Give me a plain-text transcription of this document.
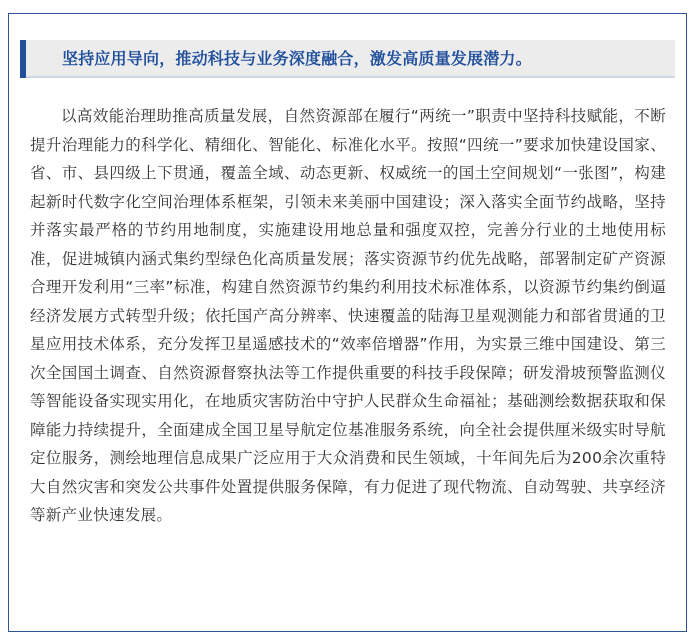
坚持应用导向，推动科技与业务深度融合，激发高质量发展潜力。

以高效能治理助推高质量发展，自然资源部在履行“两统一”职责中坚持科技赋能，不断提升治理能力的科学化、精细化、智能化、标准化水平。按照“四统一”要求加快建设国家、省、市、县四级上下贯通，覆盖全域、动态更新、权威统一的国土空间规划“一张图”，构建起新时代数字化空间治理体系框架，引领未来美丽中国建设；深入落实全面节约战略，坚持并落实最严格的节约用地制度，实施建设用地总量和强度双控，完善分行业的土地使用标准，促进城镇内涵式集约型绿色化高质量发展；落实资源节约优先战略，部署制定矿产资源合理开发利用“三率”标准，构建自然资源节约集约利用技术标准体系，以资源节约集约倒逼经济发展方式转型升级；依托国产高分辨率、快速覆盖的陆海卫星观测能力和部省贯通的卫星应用技术体系，充分发挥卫星遥感技术的“效率倍增器”作用，为实景三维中国建设、第三次全国国土调查、自然资源督察执法等工作提供重要的科技手段保障；研发滑坡预警监测仪等智能设备实现实用化，在地质灾害防治中守护人民群众生命福祉；基础测绘数据获取和保障能力持续提升，全面建成全国卫星导航定位基准服务系统，向全社会提供厘米级实时导航定位服务，测绘地理信息成果广泛应用于大众消费和民生领域，十年间先后为200余次重特大自然灾害和突发公共事件处置提供服务保障，有力促进了现代物流、自动驾驶、共享经济等新产业快速发展。
